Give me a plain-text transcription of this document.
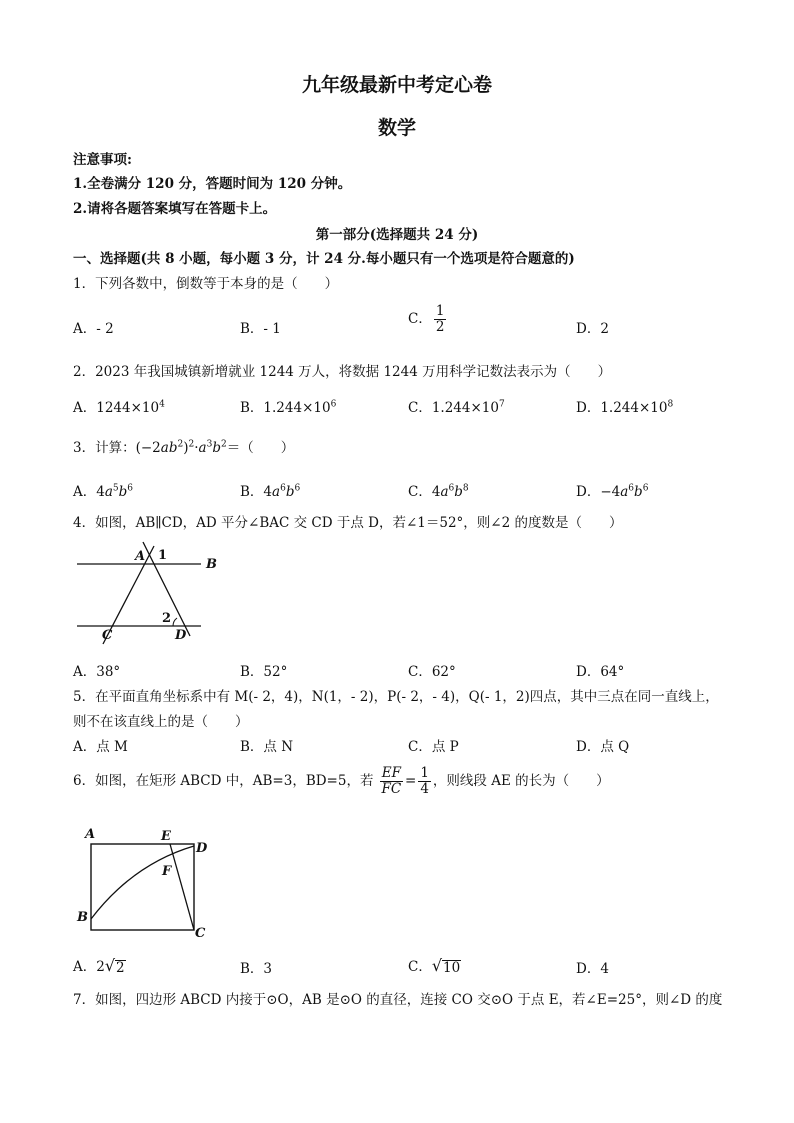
九年级最新中考定心卷
数学
注意事项:
1.全卷满分 120 分，答题时间为 120 分钟。
2.请将各题答案填写在答题卡上。
第一部分(选择题共 24 分)
一、选择题(共 8 小题，每小题 3 分，计 24 分.每小题只有一个选项是符合题意的)
1．下列各数中，倒数等于本身的是（　　）
A．- 2	B．- 1
C． $\frac{1}{2}$	D．2
2．2023 年我国城镇新增就业 1244 万人，将数据 1244 万用科学记数法表示为（　　）
A．$1244\times 10^4$	B．$1.244\times 10^6$	C．$1.244\times 10^7$	D．$1.244\times 10^8$
3．计算：$(-2ab^2)^2\cdot a^3b^2=$（　　）
A．$4a^5b^6$	B．$4a^6b^6$	C．$4a^6b^8$	D．$-4a^6b^6$
4．如图，AB∥CD，AD 平分∠BAC 交 CD 于点 D，若∠1＝52°，则∠2 的度数是（　　）
A 1
B
2
C	D
A．38°	B．52°	C．62°	D．64°
5．在平面直角坐标系中有 M(- 2，4)，N(1，- 2)，P(- 2，- 4)，Q(- 1，2)四点，其中三点在同一直线上，
则不在该直线上的是（　　）
A．点 M	B．点 N	C．点 P	D．点 Q
6．如图，在矩形 ABCD 中，AB=3，BD=5，若 $\frac{EF}{FC} = \frac{1}{4}$ ，则线段 AE 的长为（　　）
A	E
D
F
B
C
A．2 √ 2	B．3	C． √ 10	D．4
7．如图，四边形 ABCD 内接于⊙O，AB 是⊙O 的直径，连接 CO 交⊙O 于点 E，若∠E=25°，则∠D 的度
